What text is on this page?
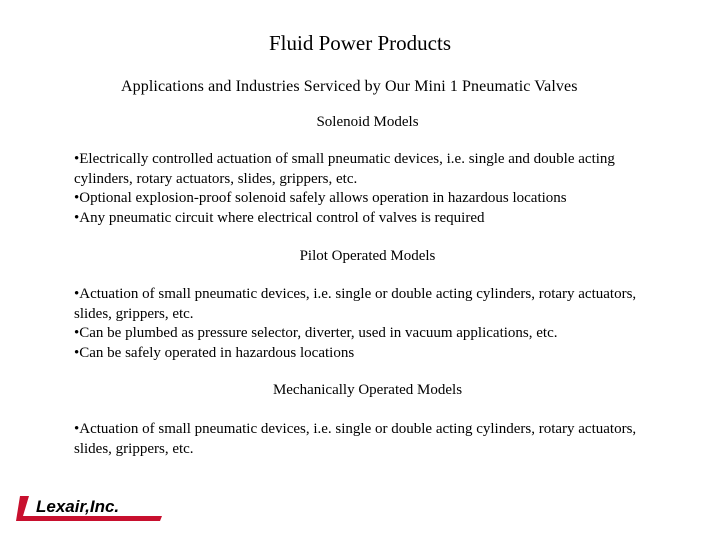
Fluid Power Products
Applications and Industries Serviced by Our Mini 1 Pneumatic Valves
Solenoid Models

•Electrically controlled actuation of small pneumatic devices, i.e. single and double acting cylinders, rotary actuators, slides, grippers, etc.

•Optional explosion-proof solenoid safely allows operation in hazardous locations

•Any pneumatic circuit where electrical control of valves is required

Pilot Operated Models

•Actuation of small pneumatic devices, i.e. single or double acting cylinders, rotary actuators, slides, grippers, etc.

•Can be plumbed as pressure selector, diverter, used in vacuum applications, etc.

•Can be safely operated in hazardous locations

Mechanically Operated Models

•Actuation of small pneumatic devices, i.e. single or double acting cylinders, rotary actuators, slides, grippers, etc.

Lexair,Inc.
